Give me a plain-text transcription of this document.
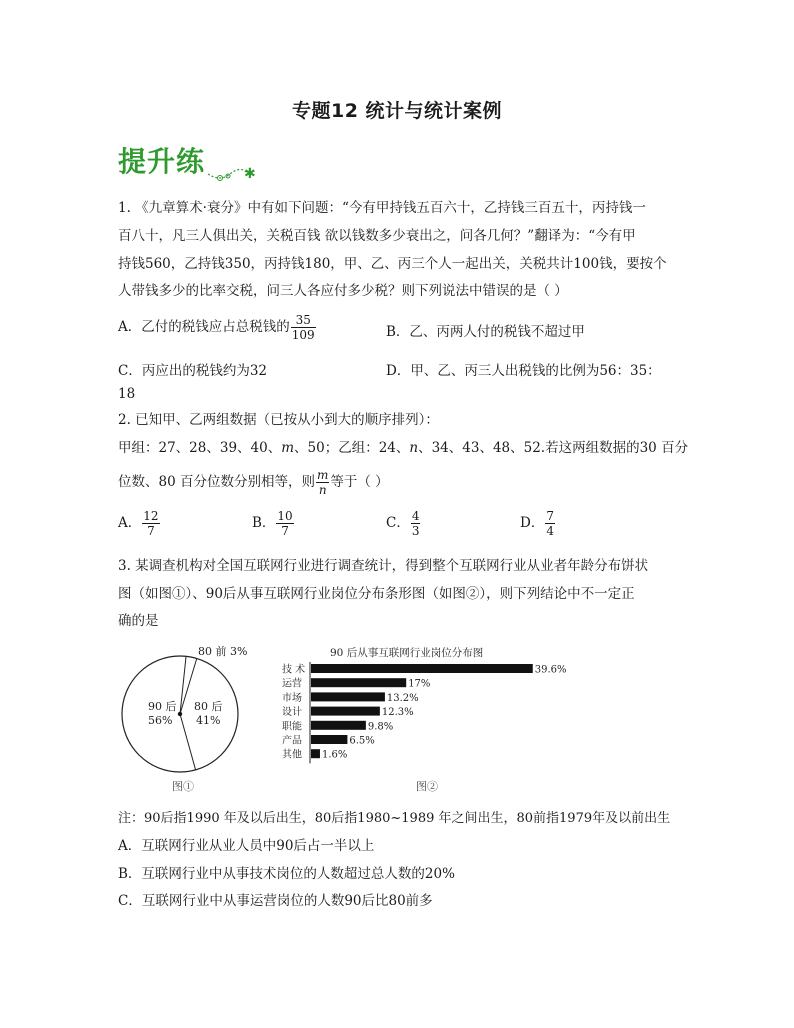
专题12 统计与统计案例
提升练	✱
1. 《九章算术·衰分》中有如下问题：“今有甲持钱五百六十，乙持钱三百五十，丙持钱一
百八十，凡三人俱出关，关税百钱 欲以钱数多少衰出之，问各几何？”翻译为：“今有甲
持钱560，乙持钱350，丙持钱180，甲、乙、丙三个人一起出关，关税共计100钱，要按个
人带钱多少的比率交税，问三人各应付多少税？则下列说法中错误的是（ ）
A．乙付的税钱应占总税钱的 $\frac{35}{109}$	B．乙、丙两人付的税钱不超过甲
C．丙应出的税钱约为32	D．甲、乙、丙三人出税钱的比例为56：35：
18
2. 已知甲、乙两组数据（已按从小到大的顺序排列）：
甲组：27、28、39、40、m、50；乙组：24、n、34、43、48、52.若这两组数据的30 百分
位数、80 百分位数分别相等，则 $\frac{m}{n}$ 等于（ ）
A． $\frac{12}{7}$	B． $\frac{10}{7}$	C． $\frac{4}{3}$	D． $\frac{7}{4}$
3. 某调查机构对全国互联网行业进行调查统计，得到整个互联网行业从业者年龄分布饼状
图（如图①）、90后从事互联网行业岗位分布条形图（如图②），则下列结论中不一定正
确的是
90 后
56%
80 后
41%
80 前 3%
图①
90 后从事互联网行业岗位分布图
技 术	39.6%
运营	17%
市场	13.2%
设计	12.3%
职能	9.8%
产品	6.5%
其他 1.6%
图②
注：90后指1990 年及以后出生，80后指1980~1989 年之间出生，80前指1979年及以前出生
A．互联网行业从业人员中90后占一半以上
B．互联网行业中从事技术岗位的人数超过总人数的20%
C．互联网行业中从事运营岗位的人数90后比80前多
